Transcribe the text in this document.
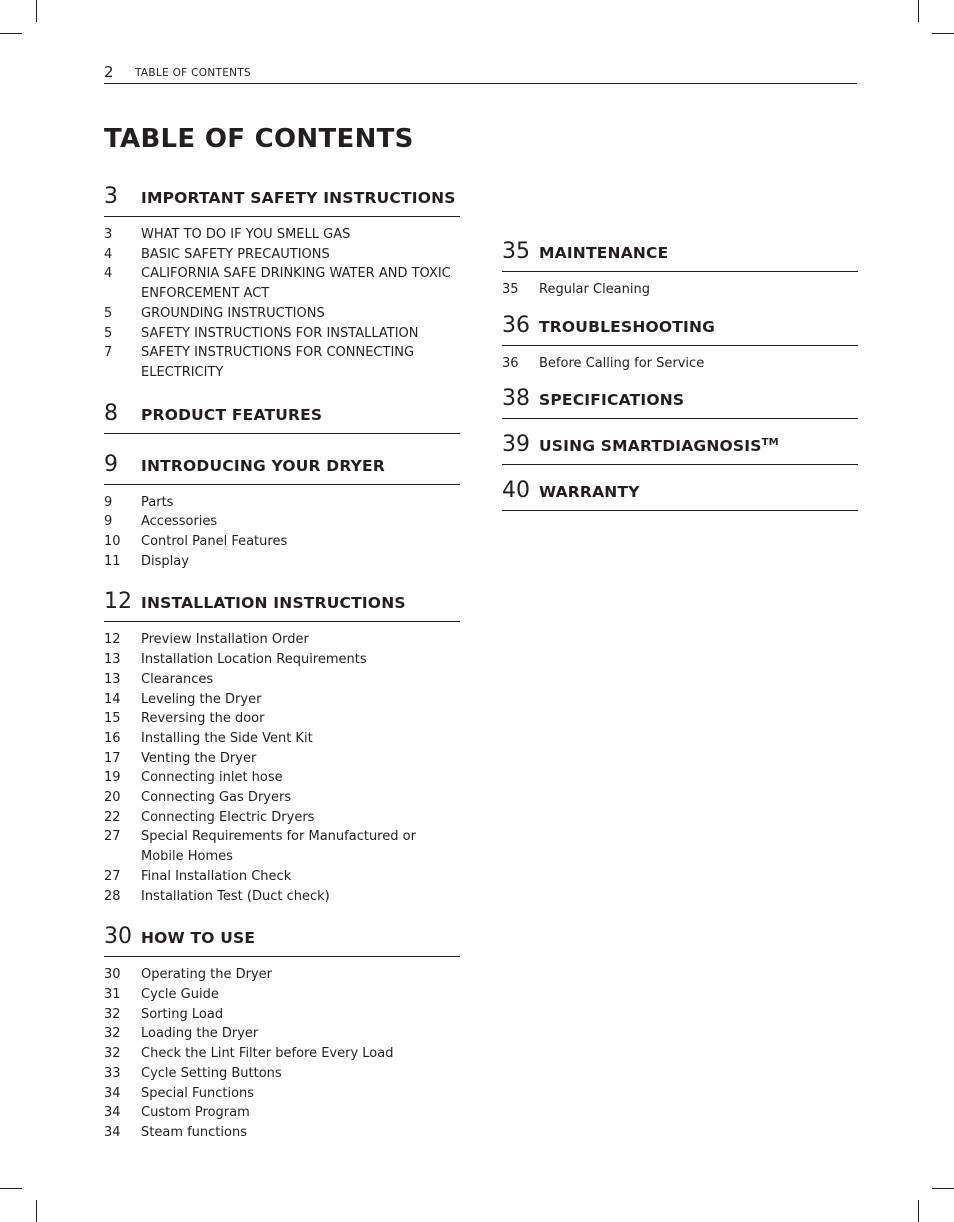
2 TABLE OF CONTENTS
TABLE OF CONTENTS
3 IMPORTANT SAFETY INSTRUCTIONS
3 WHAT TO DO IF YOU SMELL GAS
4 BASIC SAFETY PRECAUTIONS
4 CALIFORNIA SAFE DRINKING WATER AND TOXIC ENFORCEMENT ACT
5 GROUNDING INSTRUCTIONS
5 SAFETY INSTRUCTIONS FOR INSTALLATION
7 SAFETY INSTRUCTIONS FOR CONNECTING ELECTRICITY
8 PRODUCT FEATURES
9 INTRODUCING YOUR DRYER
9 Parts
9 Accessories
10 Control Panel Features
11 Display
12 INSTALLATION INSTRUCTIONS
12 Preview Installation Order
13 Installation Location Requirements
13 Clearances
14 Leveling the Dryer
15 Reversing the door
16 Installing the Side Vent Kit
17 Venting the Dryer
19 Connecting inlet hose
20 Connecting Gas Dryers
22 Connecting Electric Dryers
27 Special Requirements for Manufactured or Mobile Homes
27 Final Installation Check
28 Installation Test (Duct check)
30 HOW TO USE
30 Operating the Dryer
31 Cycle Guide
32 Sorting Load
32 Loading the Dryer
32 Check the Lint Filter before Every Load
33 Cycle Setting Buttons
34 Special Functions
34 Custom Program
34 Steam functions
35 MAINTENANCE
35 Regular Cleaning
36 TROUBLESHOOTING
36 Before Calling for Service
38 SPECIFICATIONS
39 USING SMARTDIAGNOSIS™
40 WARRANTY
